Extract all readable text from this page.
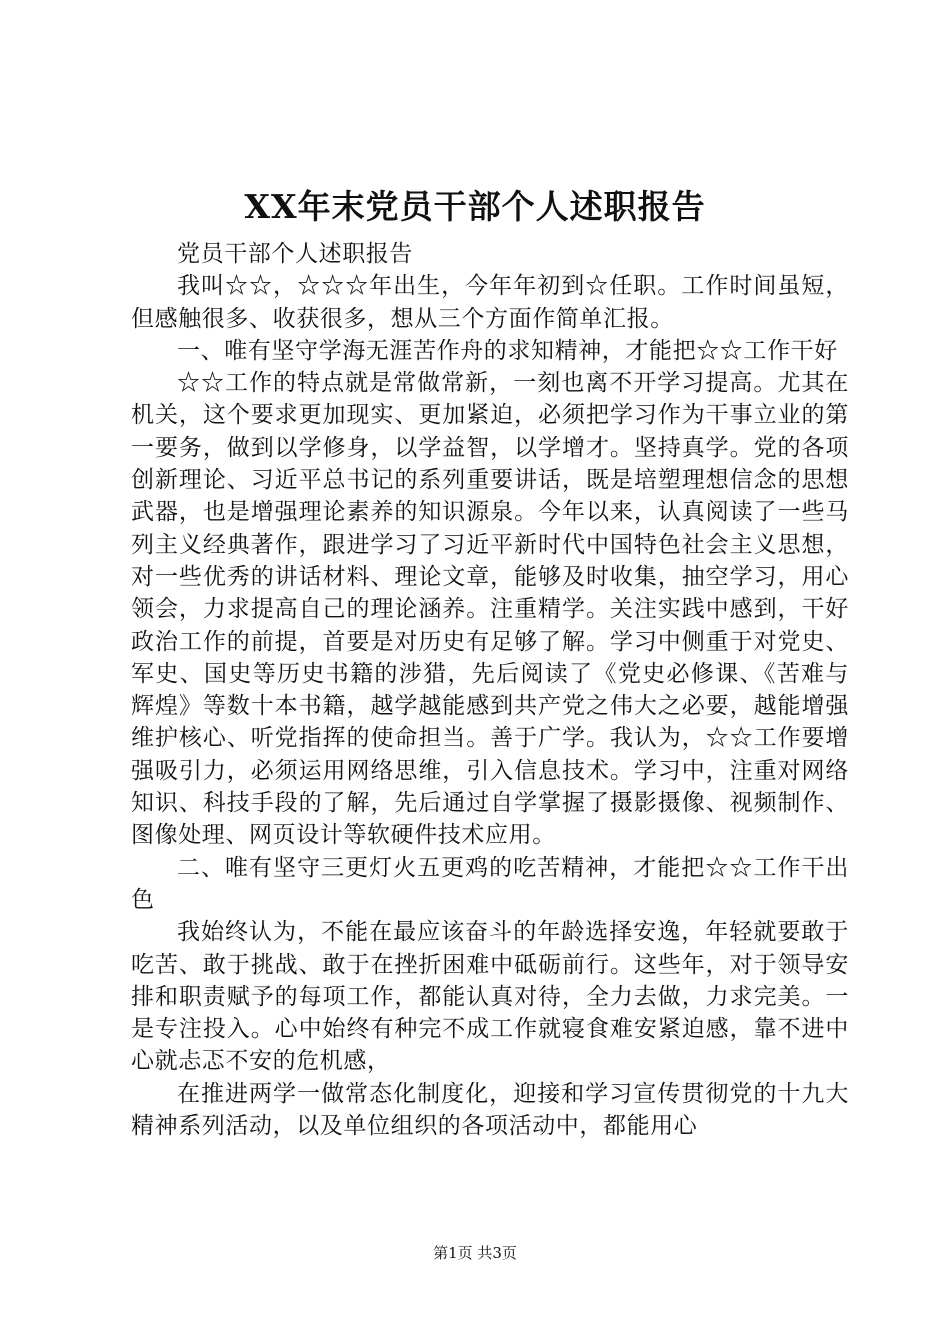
XX年末党员干部个人述职报告

党员干部个人述职报告

我叫☆☆，☆☆☆年出生，今年年初到☆任职。工作时间虽短，但感触很多、收获很多，想从三个方面作简单汇报。

一、唯有坚守学海无涯苦作舟的求知精神，才能把☆☆工作干好

☆☆工作的特点就是常做常新，一刻也离不开学习提高。尤其在机关，这个要求更加现实、更加紧迫，必须把学习作为干事立业的第一要务，做到以学修身，以学益智，以学增才。坚持真学。党的各项创新理论、习近平总书记的系列重要讲话，既是培塑理想信念的思想武器，也是增强理论素养的知识源泉。今年以来，认真阅读了一些马列主义经典著作，跟进学习了习近平新时代中国特色社会主义思想，对一些优秀的讲话材料、理论文章，能够及时收集，抽空学习，用心领会，力求提高自己的理论涵养。注重精学。关注实践中感到，干好政治工作的前提，首要是对历史有足够了解。学习中侧重于对党史、军史、国史等历史书籍的涉猎，先后阅读了《党史必修课、《苦难与辉煌》等数十本书籍，越学越能感到共产党之伟大之必要，越能增强维护核心、听党指挥的使命担当。善于广学。我认为，☆☆工作要增强吸引力，必须运用网络思维，引入信息技术。学习中，注重对网络知识、科技手段的了解，先后通过自学掌握了摄影摄像、视频制作、图像处理、网页设计等软硬件技术应用。

二、唯有坚守三更灯火五更鸡的吃苦精神，才能把☆☆工作干出色

我始终认为，不能在最应该奋斗的年龄选择安逸，年轻就要敢于吃苦、敢于挑战、敢于在挫折困难中砥砺前行。这些年，对于领导安排和职责赋予的每项工作，都能认真对待，全力去做，力求完美。一是专注投入。心中始终有种完不成工作就寝食难安紧迫感，靠不进中心就忐忑不安的危机感，

在推进两学一做常态化制度化，迎接和学习宣传贯彻党的十九大精神系列活动，以及单位组织的各项活动中，都能用心

第1页 共3页
